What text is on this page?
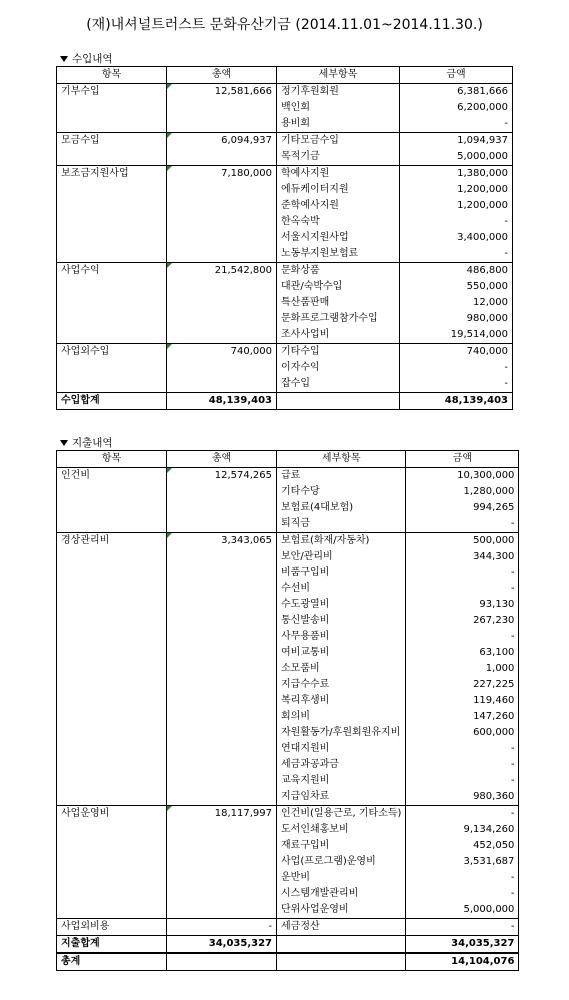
(재)내셔널트러스트 문화유산기금 (2014.11.01~2014.11.30.)
수입내역
항목	총액	세부항목	금액
기부수입	12,581,666	정기후원회원	6,381,666
		백인회	6,200,000
		용비회	-
모금수입	6,094,937	기타모금수입	1,094,937
		목적기금	5,000,000
보조금지원사업	7,180,000	학예사지원	1,380,000
		에듀케이터지원	1,200,000
		준학예사지원	1,200,000
		한옥숙박	-
		서울시지원사업	3,400,000
		노동부지원보험료	-
사업수익	21,542,800	문화상품	486,800
		대관/숙박수입	550,000
		특산품판매	12,000
		문화프로그램참가수입	980,000
		조사사업비	19,514,000
사업외수입	740,000	기타수입	740,000
		이자수익	-
		잡수입	-
수입합계	48,139,403		48,139,403
지출내역
항목	총액	세부항목	금액
인건비	12,574,265	급료	10,300,000
		기타수당	1,280,000
		보험료(4대보험)	994,265
		퇴직금	-
경상관리비	3,343,065	보험료(화재/자동차)	500,000
		보안/관리비	344,300
		비품구입비	-
		수선비	-
		수도광열비	93,130
		통신발송비	267,230
		사무용품비	-
		여비교통비	63,100
		소모품비	1,000
		지급수수료	227,225
		복리후생비	119,460
		회의비	147,260
		자원활동가/후원회원유지비	600,000
		연대지원비	-
		세금과공과금	-
		교육지원비	-
		지급임차료	980,360
사업운영비	18,117,997	인건비(일용근로, 기타소득)	-
		도서인쇄홍보비	9,134,260
		재료구입비	452,050
		사업(프로그램)운영비	3,531,687
		운반비	-
		시스템개발관리비	-
		단위사업운영비	5,000,000
사업외비용	-	세금정산	-
지출합계	34,035,327		34,035,327
총계			14,104,076
